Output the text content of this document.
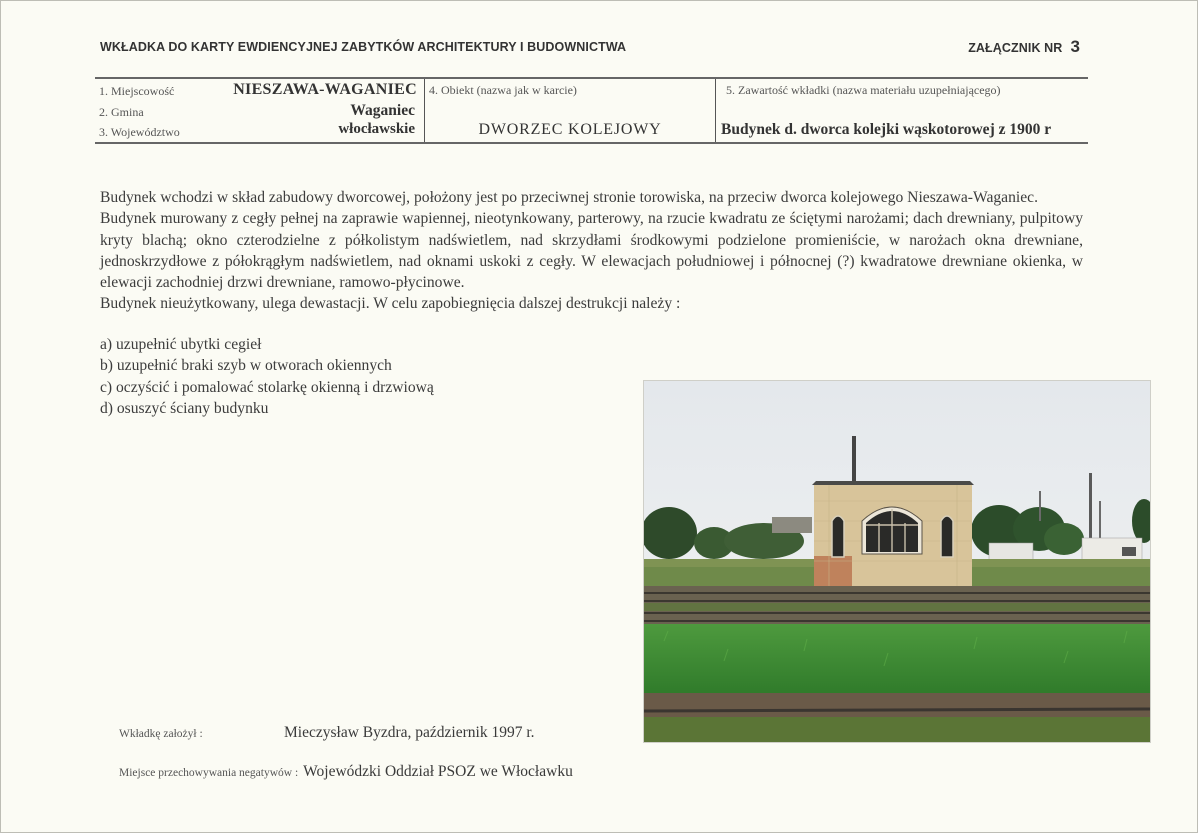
WKŁADKA DO KARTY EWDIENCYJNEJ ZABYTKÓW ARCHITEKTURY I BUDOWNICTWA	ZAŁĄCZNIK NR 3
1. Miejscowość	NIESZAWA-WAGANIEC
2. Gmina	Waganiec
3. Województwo	włocławskie
4. Obiekt (nazwa jak w karcie)
DWORZEC KOLEJOWY
5. Zawartość wkładki (nazwa materiału uzupełniającego)
Budynek d. dworca kolejki wąskotorowej z 1900 r

Budynek wchodzi w skład zabudowy dworcowej, położony jest po przeciwnej stronie torowiska, na przeciw dworca kolejowego Nieszawa-Waganiec.

Budynek murowany z cegły pełnej na zaprawie wapiennej, nieotynkowany, parterowy, na rzucie kwadratu ze ściętymi narożami; dach drewniany, pulpitowy kryty blachą; okno czterodzielne z półkolistym nadświetlem, nad skrzydłami środkowymi podzielone promieniście, w narożach okna drewniane, jednoskrzydłowe z półokrągłym nadświetlem, nad oknami uskoki z cegły. W elewacjach południowej i północnej (?) kwadratowe drewniane okienka, w elewacji zachodniej drzwi drewniane, ramowo-płycinowe.

Budynek nieużytkowany, ulega dewastacji. W celu zapobiegnięcia dalszej destrukcji należy :

a) uzupełnić ubytki cegieł
b) uzupełnić braki szyb w otworach okiennych
c) oczyścić i pomalować stolarkę okienną i drzwiową
d) osuszyć ściany budynku
Wkładkę założył :	Mieczysław Byzdra, październik 1997 r.
Miejsce przechowywania negatywów : Wojewódzki Oddział PSOZ we Włocławku
